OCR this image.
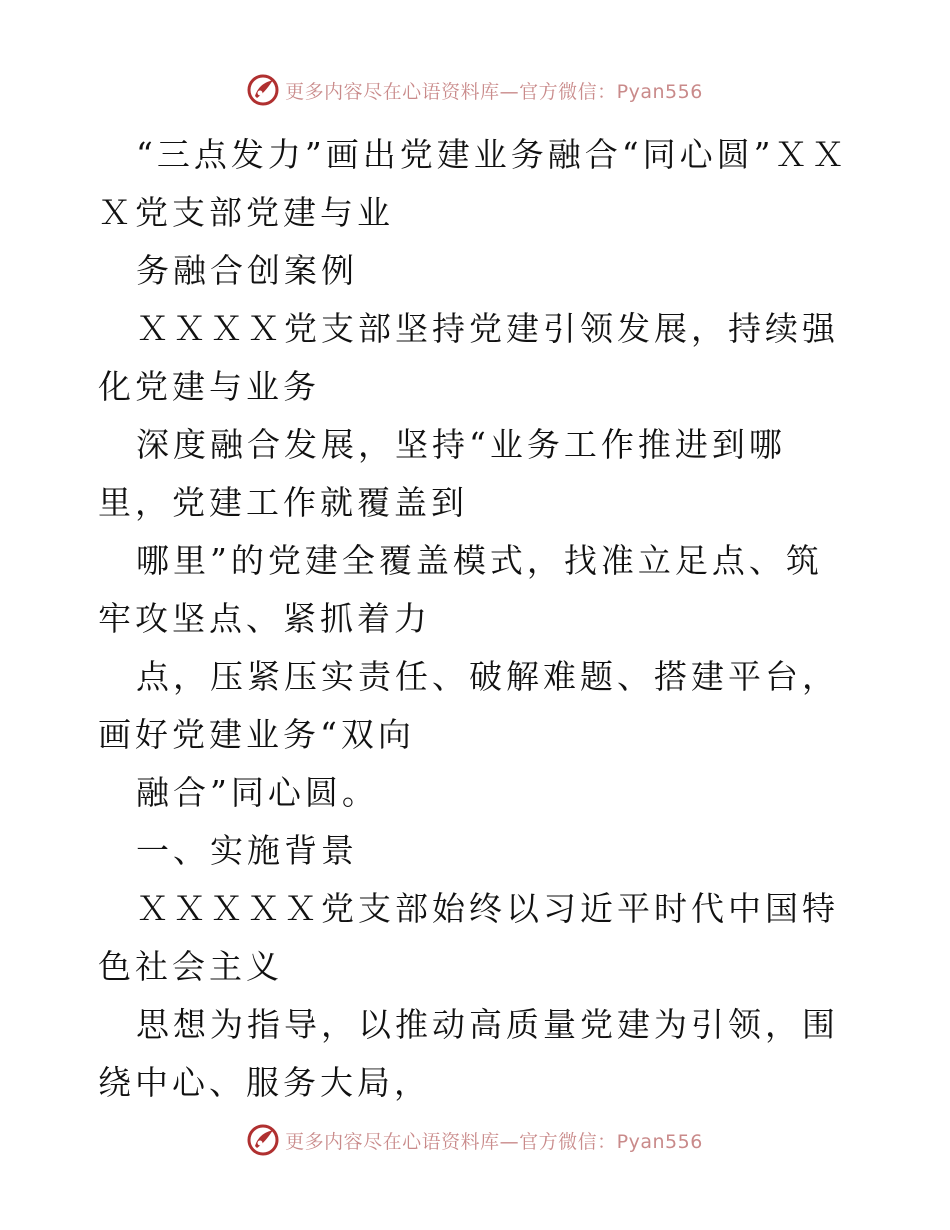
更多内容尽在心语资料库—官方微信：Pyan556

“三点发力”画出党建业务融合“同心圆”ＸＸＸ党支部党建与业

务融合创案例

ＸＸＸＸ党支部坚持党建引领发展，持续强化党建与业务

深度融合发展，坚持“业务工作推进到哪里，党建工作就覆盖到

哪里”的党建全覆盖模式，找准立足点、筑牢攻坚点、紧抓着力

点，压紧压实责任、破解难题、搭建平台，画好党建业务“双向

融合”同心圆。

一、实施背景

ＸＸＸＸＸ党支部始终以习近平时代中国特色社会主义

思想为指导，以推动高质量党建为引领，围绕中心、服务大局，

更多内容尽在心语资料库—官方微信：Pyan556
